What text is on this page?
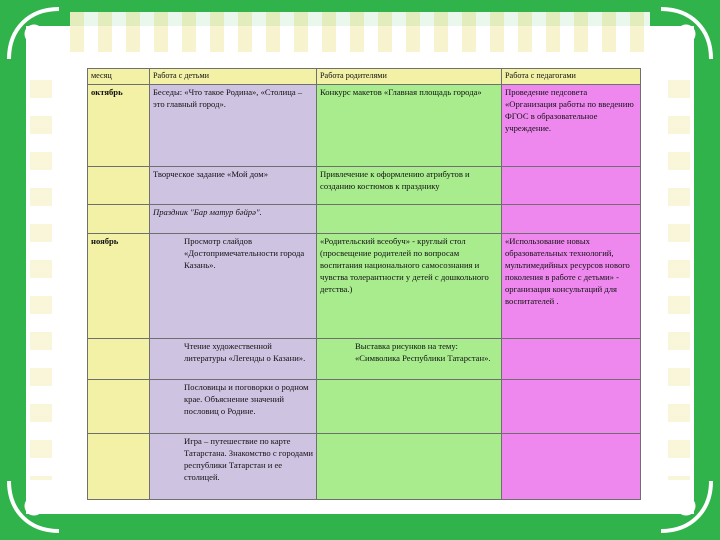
месяц	Работа с детьми	Работа родителями	Работа с педагогами
октябрь	Беседы: «Что такое Родина», «Столица – это главный город».	Конкурс макетов «Главная площадь города»	Проведение педсовета «Организация работы по введению ФГОС в образовательное учреждение.
	Творческое задание «Мой дом»	Привлечение к оформлению атрибутов и созданию костюмов к празднику	
	Праздник "Бар матур бәйрә".		
ноябрь	Просмотр слайдов «Достопримечательности города Казань».	«Родительский всеобуч» - круглый стол (просвещение родителей по вопросам воспитания национального самосознания и чувства толерантности у детей с дошкольного детства.)	«Использование новых образовательных технологий, мультимедийных ресурсов нового поколения в работе с детьми» - организация консультаций для воспитателей .
	Чтение художественной литературы «Легенды о Казани».	Выставка рисунков на тему: «Символика Республики Татарстан».	
	Пословицы и поговорки о родном крае. Объяснение значений пословиц о Родине.		
	Игра – путешествие по карте Татарстана. Знакомство с городами республики Татарстан и ее столицей.		
